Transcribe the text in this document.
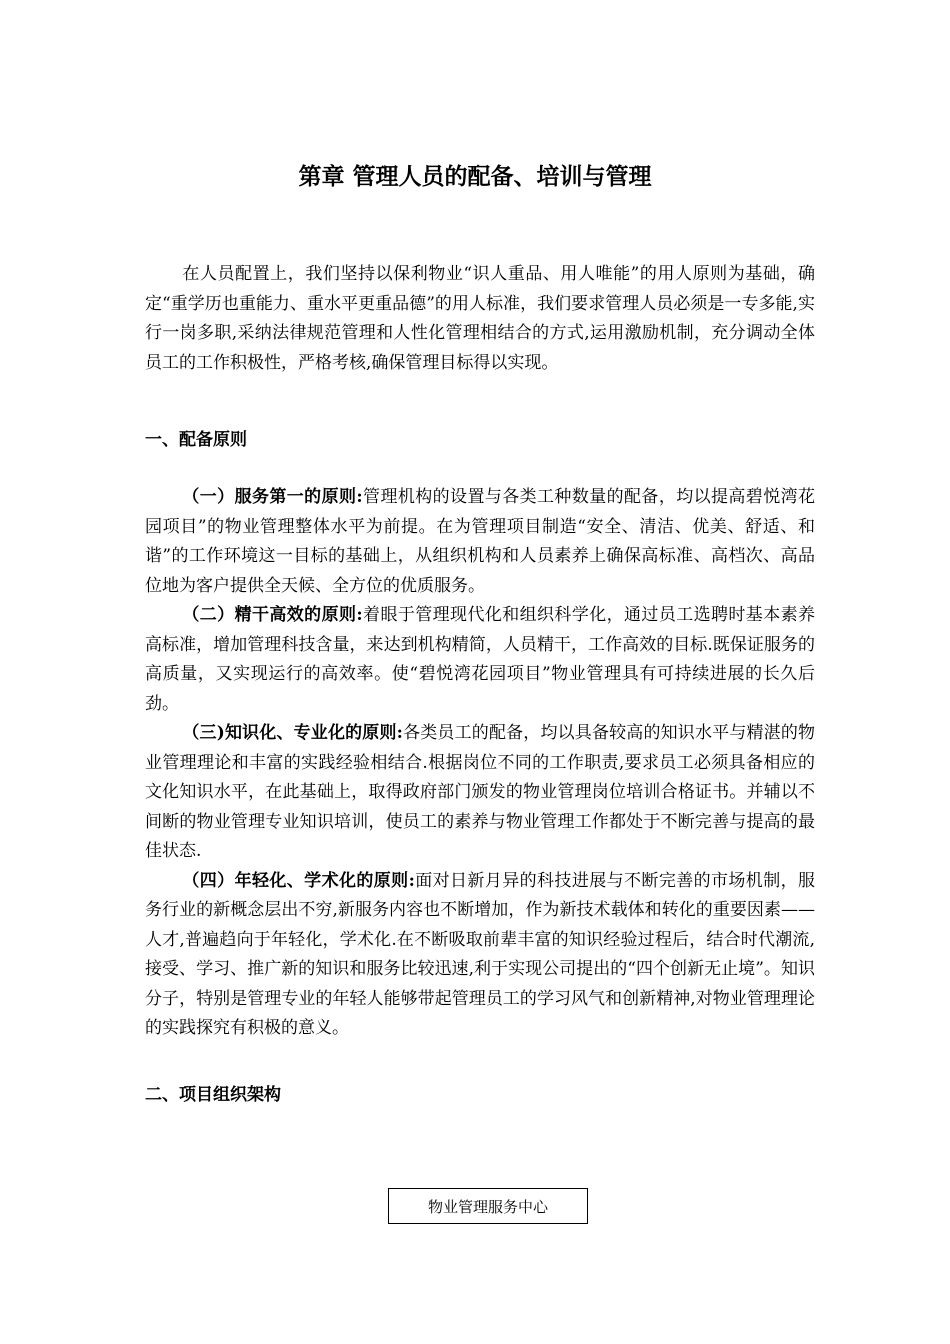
第章 管理人员的配备、培训与管理

在人员配置上，我们坚持以保利物业“识人重品、用人唯能”的用人原则为基础，确定“重学历也重能力、重水平更重品德”的用人标准，我们要求管理人员必须是一专多能,实行一岗多职,采纳法律规范管理和人性化管理相结合的方式,运用激励机制，充分调动全体员工的工作积极性，严格考核,确保管理目标得以实现。

一、配备原则

（一）服务第一的原则:管理机构的设置与各类工种数量的配备，均以提高碧悦湾花园项目”的物业管理整体水平为前提。在为管理项目制造“安全、清洁、优美、舒适、和谐”的工作环境这一目标的基础上，从组织机构和人员素养上确保高标准、高档次、高品位地为客户提供全天候、全方位的优质服务。

（二）精干高效的原则:着眼于管理现代化和组织科学化，通过员工选聘时基本素养高标准，增加管理科技含量，来达到机构精简，人员精干，工作高效的目标.既保证服务的高质量，又实现运行的高效率。使“碧悦湾花园项目”物业管理具有可持续进展的长久后劲。

（三)知识化、专业化的原则:各类员工的配备，均以具备较高的知识水平与精湛的物业管理理论和丰富的实践经验相结合.根据岗位不同的工作职责,要求员工必须具备相应的文化知识水平，在此基础上，取得政府部门颁发的物业管理岗位培训合格证书。并辅以不间断的物业管理专业知识培训，使员工的素养与物业管理工作都处于不断完善与提高的最佳状态.

（四）年轻化、学术化的原则:面对日新月异的科技进展与不断完善的市场机制，服务行业的新概念层出不穷,新服务内容也不断增加，作为新技术载体和转化的重要因素——人才,普遍趋向于年轻化，学术化.在不断吸取前辈丰富的知识经验过程后，结合时代潮流,接受、学习、推广新的知识和服务比较迅速,利于实现公司提出的“四个创新无止境”。知识分子，特别是管理专业的年轻人能够带起管理员工的学习风气和创新精神,对物业管理理论的实践探究有积极的意义。

二、项目组织架构
物业管理服务中心
